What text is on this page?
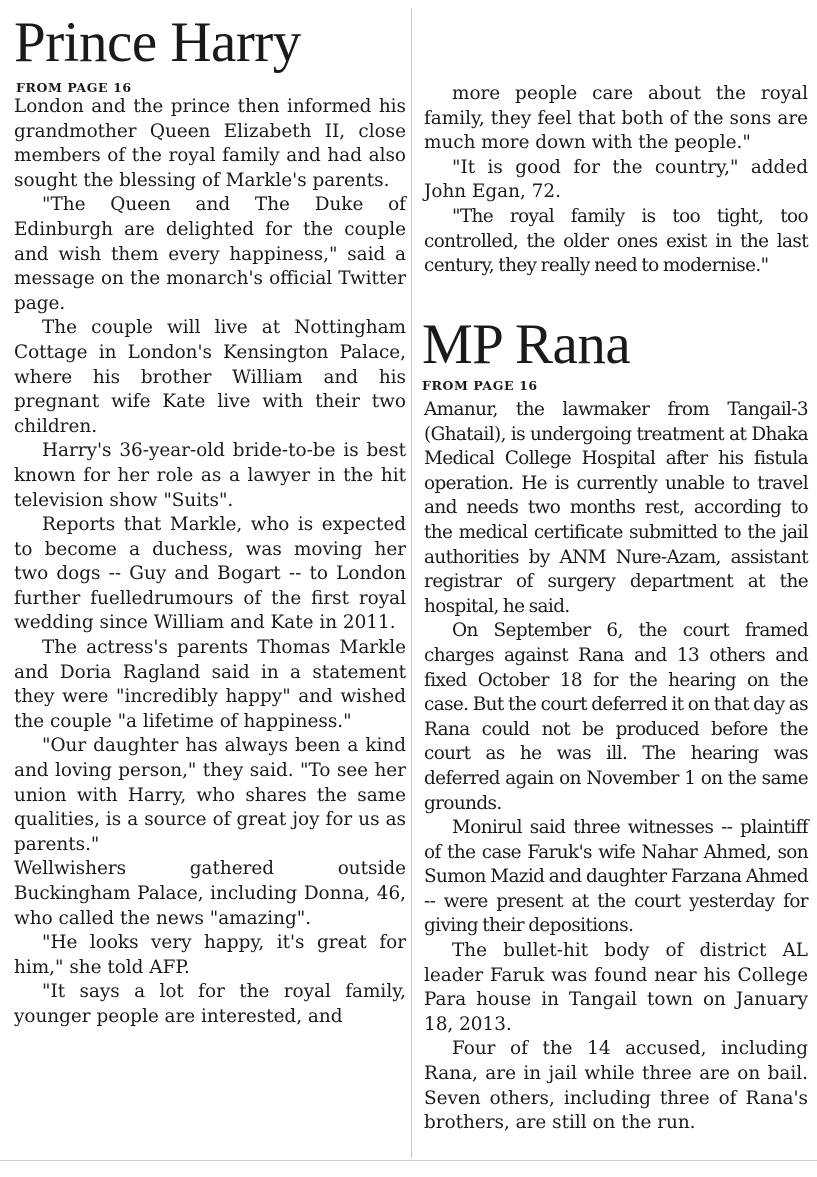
Prince Harry
FROM PAGE 16

London and the prince then informed his grandmother Queen Elizabeth II, close members of the royal family and had also sought the blessing of Markle's parents.

"The Queen and The Duke of Edinburgh are delighted for the couple and wish them every happiness," said a message on the monarch's official Twitter page.

The couple will live at Nottingham Cottage in London's Kensington Palace, where his brother William and his pregnant wife Kate live with their two children.

Harry's 36-year-old bride-to-be is best known for her role as a lawyer in the hit television show "Suits".

Reports that Markle, who is expected to become a duchess, was moving her two dogs -- Guy and Bogart -- to London further fuelledrumours of the first royal wedding since William and Kate in 2011.

The actress's parents Thomas Markle and Doria Ragland said in a statement they were "incredibly happy" and wished the couple "a lifetime of happiness."

"Our daughter has always been a kind and loving person," they said. "To see her union with Harry, who shares the same qualities, is a source of great joy for us as parents."

Wellwishers gathered outside Buckingham Palace, including Donna, 46, who called the news "amazing".

"He looks very happy, it's great for him," she told AFP.

"It says a lot for the royal family, younger people are interested, and

more people care about the royal family, they feel that both of the sons are much more down with the people."

"It is good for the country," added John Egan, 72.

"The royal family is too tight, too controlled, the older ones exist in the last century, they really need to modernise."

MP Rana
FROM PAGE 16

Amanur, the lawmaker from Tangail-3 (Ghatail), is undergoing treatment at Dhaka Medical College Hospital after his fistula operation. He is currently unable to travel and needs two months rest, according to the medical certificate submitted to the jail authorities by ANM Nure-Azam, assistant registrar of surgery department at the hospital, he said.

On September 6, the court framed charges against Rana and 13 others and fixed October 18 for the hearing on the case. But the court deferred it on that day as Rana could not be produced before the court as he was ill. The hearing was deferred again on November 1 on the same grounds.

Monirul said three witnesses -- plaintiff of the case Faruk's wife Nahar Ahmed, son Sumon Mazid and daughter Farzana Ahmed -- were present at the court yesterday for giving their depositions.

The bullet-hit body of district AL leader Faruk was found near his College Para house in Tangail town on January 18, 2013.

Four of the 14 accused, including Rana, are in jail while three are on bail. Seven others, including three of Rana's brothers, are still on the run.
